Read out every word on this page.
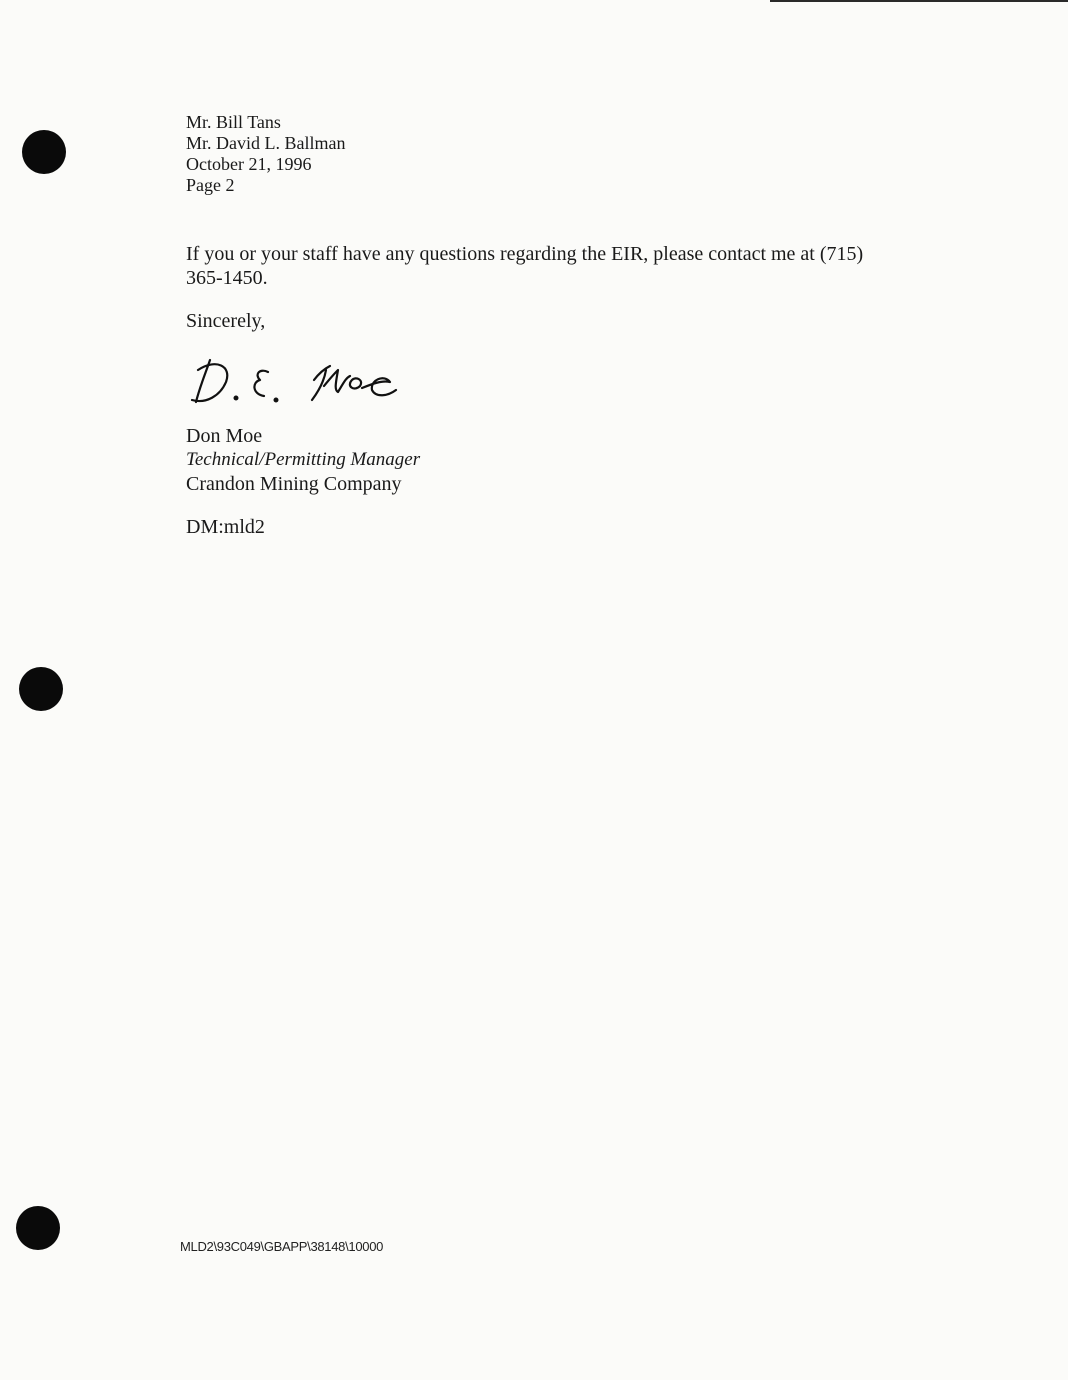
Mr. Bill Tans
Mr. David L. Ballman
October 21, 1996
Page 2

If you or your staff have any questions regarding the EIR, please contact me at (715) 365-1450.

Sincerely,
Don Moe
Technical/Permitting Manager
Crandon Mining Company
DM:mld2
MLD2\93C049\GBAPP\38148\10000
